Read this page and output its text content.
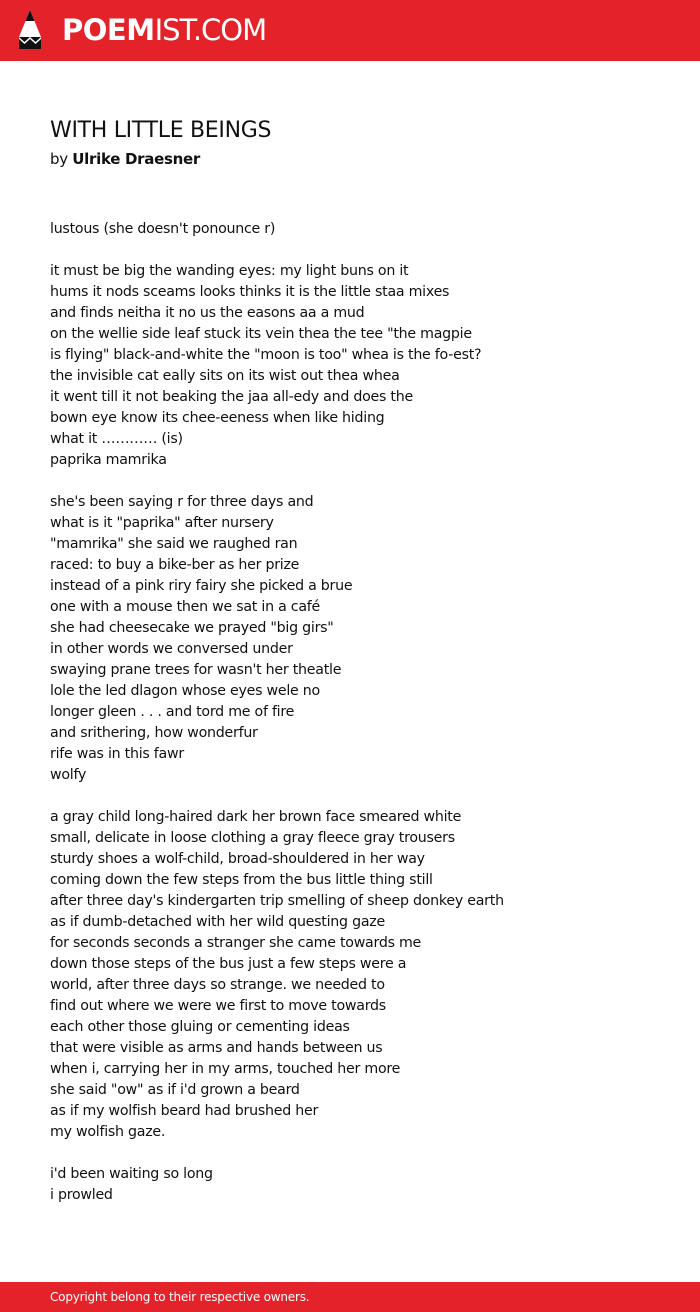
POEMIST.COM
WITH LITTLE BEINGS
by Ulrike Draesner
lustous (she doesn't ponounce r)
it must be big the wanding eyes: my light buns on it
hums it nods sceams looks thinks it is the little staa mixes
and finds neitha it no us the easons aa a mud
on the wellie side leaf stuck its vein thea the tee "the magpie
is flying" black-and-white the "moon is too" whea is the fo-est?
the invisible cat eally sits on its wist out thea whea
it went till it not beaking the jaa all-edy and does the
bown eye know its chee-eeness when like hiding
what it ………… (is)
paprika mamrika
she's been saying r for three days and
what is it "paprika" after nursery
"mamrika" she said we raughed ran
raced: to buy a bike-ber as her prize
instead of a pink riry fairy she picked a brue
one with a mouse then we sat in a café
she had cheesecake we prayed "big girs"
in other words we conversed under
swaying prane trees for wasn't her theatle
lole the led dlagon whose eyes wele no
longer gleen . . . and tord me of fire
and srithering, how wonderfur
rife was in this fawr
wolfy
a gray child long-haired dark her brown face smeared white
small, delicate in loose clothing a gray fleece gray trousers
sturdy shoes a wolf-child, broad-shouldered in her way
coming down the few steps from the bus little thing still
after three day's kindergarten trip smelling of sheep donkey earth
as if dumb-detached with her wild questing gaze
for seconds seconds a stranger she came towards me
down those steps of the bus just a few steps were a
world, after three days so strange. we needed to
find out where we were we first to move towards
each other those gluing or cementing ideas
that were visible as arms and hands between us
when i, carrying her in my arms, touched her more
she said "ow" as if i'd grown a beard
as if my wolfish beard had brushed her
my wolfish gaze.
i'd been waiting so long
i prowled
Copyright belong to their respective owners.
